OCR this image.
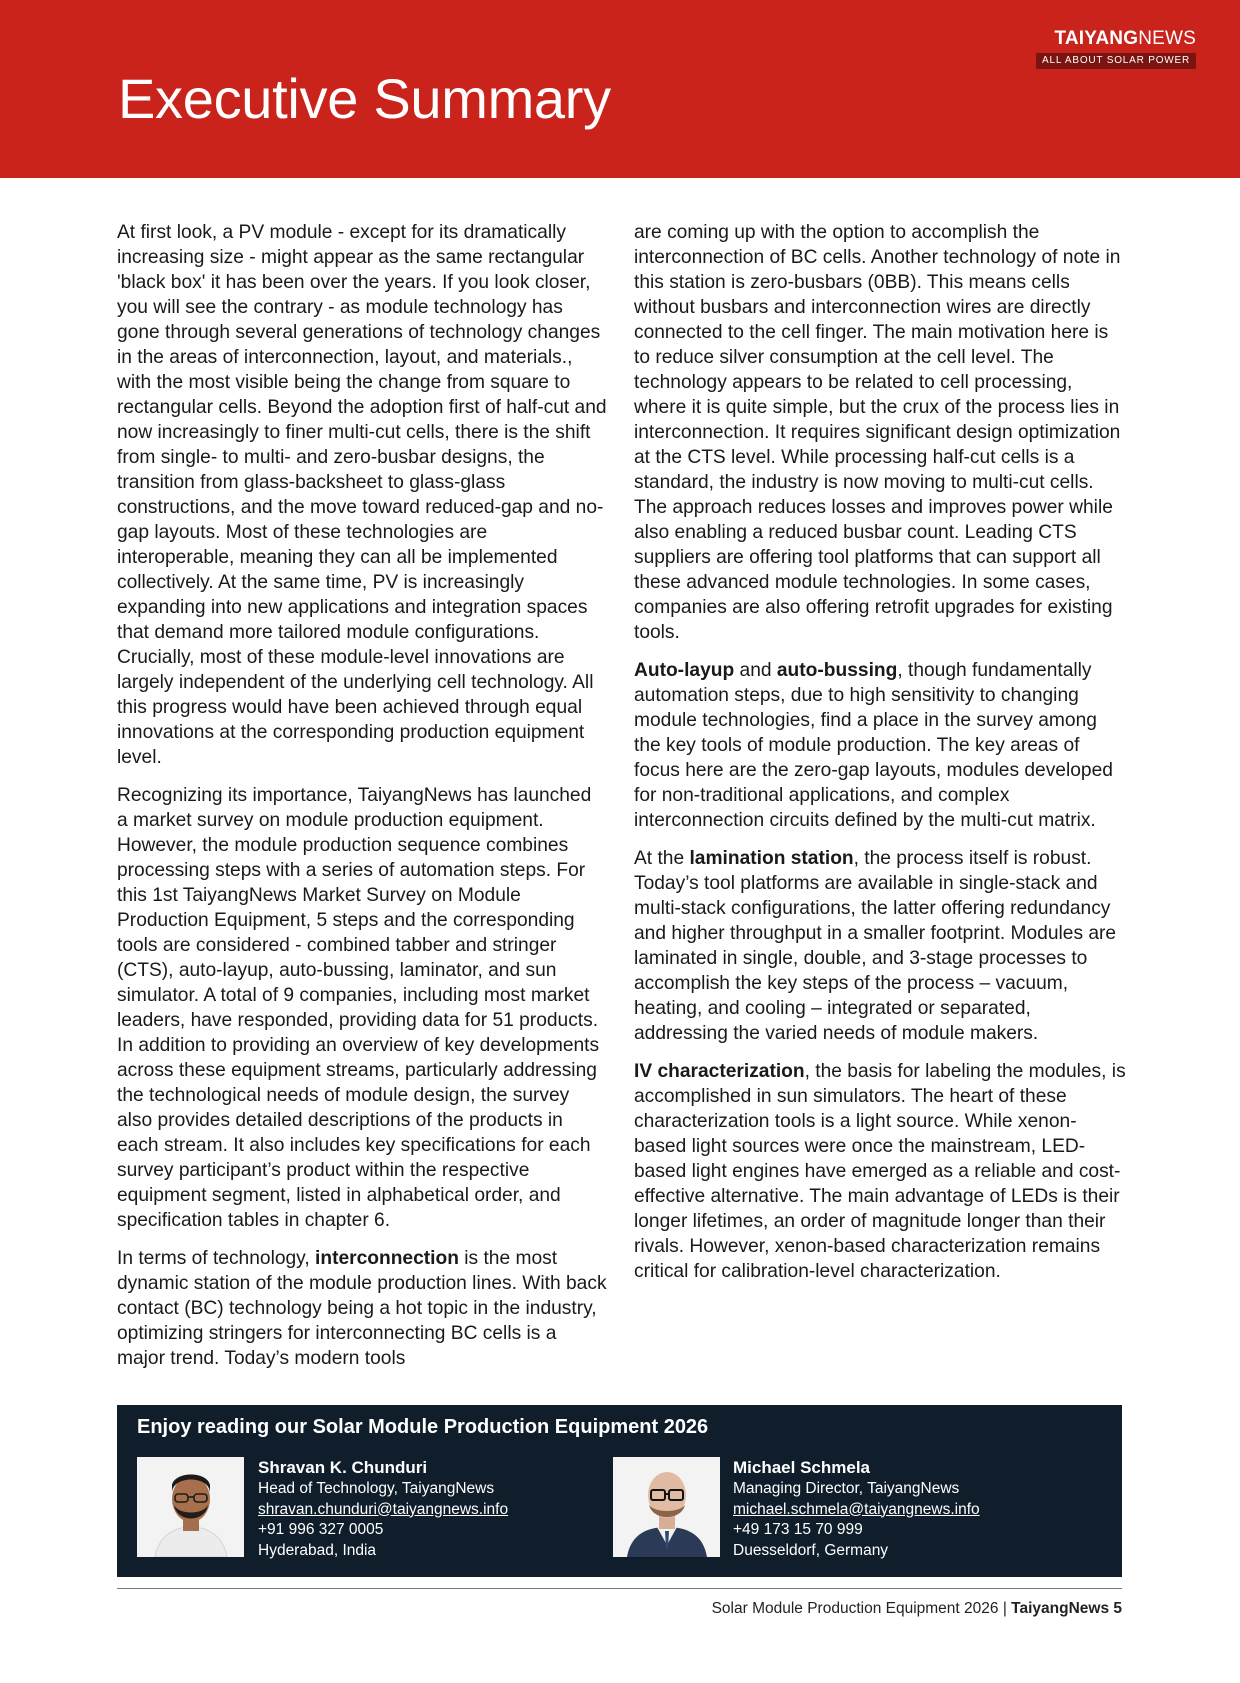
Executive Summary
TAIYANGNEWS
ALL ABOUT SOLAR POWER

At first look, a PV module - except for its dramatically increasing size - might appear as the same rectangular 'black box' it has been over the years. If you look closer, you will see the contrary - as module technology has gone through several generations of technology changes in the areas of interconnection, layout, and materials., with the most visible being the change from square to rectangular cells. Beyond the adoption first of half-cut and now increasingly to finer multi-cut cells, there is the shift from single- to multi- and zero-busbar designs, the transition from glass-backsheet to glass-glass constructions, and the move toward reduced-gap and no-gap layouts. Most of these technologies are interoperable, meaning they can all be implemented collectively. At the same time, PV is increasingly expanding into new applications and integration spaces that demand more tailored module configurations. Crucially, most of these module-level innovations are largely independent of the underlying cell technology. All this progress would have been achieved through equal innovations at the corresponding production equipment level.

Recognizing its importance, TaiyangNews has launched a market survey on module production equipment. However, the module production sequence combines processing steps with a series of automation steps. For this 1st TaiyangNews Market Survey on Module Production Equipment, 5 steps and the corresponding tools are considered - combined tabber and stringer (CTS), auto-layup, auto-bussing, laminator, and sun simulator. A total of 9 companies, including most market leaders, have responded, providing data for 51 products. In addition to providing an overview of key developments across these equipment streams, particularly addressing the technological needs of module design, the survey also provides detailed descriptions of the products in each stream. It also includes key specifications for each survey participant’s product within the respective equipment segment, listed in alphabetical order, and specification tables in chapter 6.

In terms of technology, interconnection is the most dynamic station of the module production lines. With back contact (BC) technology being a hot topic in the industry, optimizing stringers for interconnecting BC cells is a major trend. Today’s modern tools

are coming up with the option to accomplish the interconnection of BC cells. Another technology of note in this station is zero-busbars (0BB). This means cells without busbars and interconnection wires are directly connected to the cell finger. The main motivation here is to reduce silver consumption at the cell level. The technology appears to be related to cell processing, where it is quite simple, but the crux of the process lies in interconnection. It requires significant design optimization at the CTS level. While processing half-cut cells is a standard, the industry is now moving to multi-cut cells. The approach reduces losses and improves power while also enabling a reduced busbar count. Leading CTS suppliers are offering tool platforms that can support all these advanced module technologies. In some cases, companies are also offering retrofit upgrades for existing tools.

Auto-layup and auto-bussing, though fundamentally automation steps, due to high sensitivity to changing module technologies, find a place in the survey among the key tools of module production. The key areas of focus here are the zero-gap layouts, modules developed for non-traditional applications, and complex interconnection circuits defined by the multi-cut matrix.

At the lamination station, the process itself is robust. Today’s tool platforms are available in single-stack and multi-stack configurations, the latter offering redundancy and higher throughput in a smaller footprint. Modules are laminated in single, double, and 3-stage processes to accomplish the key steps of the process – vacuum, heating, and cooling – integrated or separated, addressing the varied needs of module makers.

IV characterization, the basis for labeling the modules, is accomplished in sun simulators. The heart of these characterization tools is a light source. While xenon-based light sources were once the mainstream, LED-based light engines have emerged as a reliable and cost-effective alternative. The main advantage of LEDs is their longer lifetimes, an order of magnitude longer than their rivals. However, xenon-based characterization remains critical for calibration-level characterization.

Enjoy reading our Solar Module Production Equipment 2026
Shravan K. Chunduri
Head of Technology, TaiyangNews
shravan.chunduri@taiyangnews.info
+91 996 327 0005
Hyderabad, India
Michael Schmela
Managing Director, TaiyangNews
michael.schmela@taiyangnews.info
+49 173 15 70 999
Duesseldorf, Germany
Solar Module Production Equipment 2026 | TaiyangNews 5
